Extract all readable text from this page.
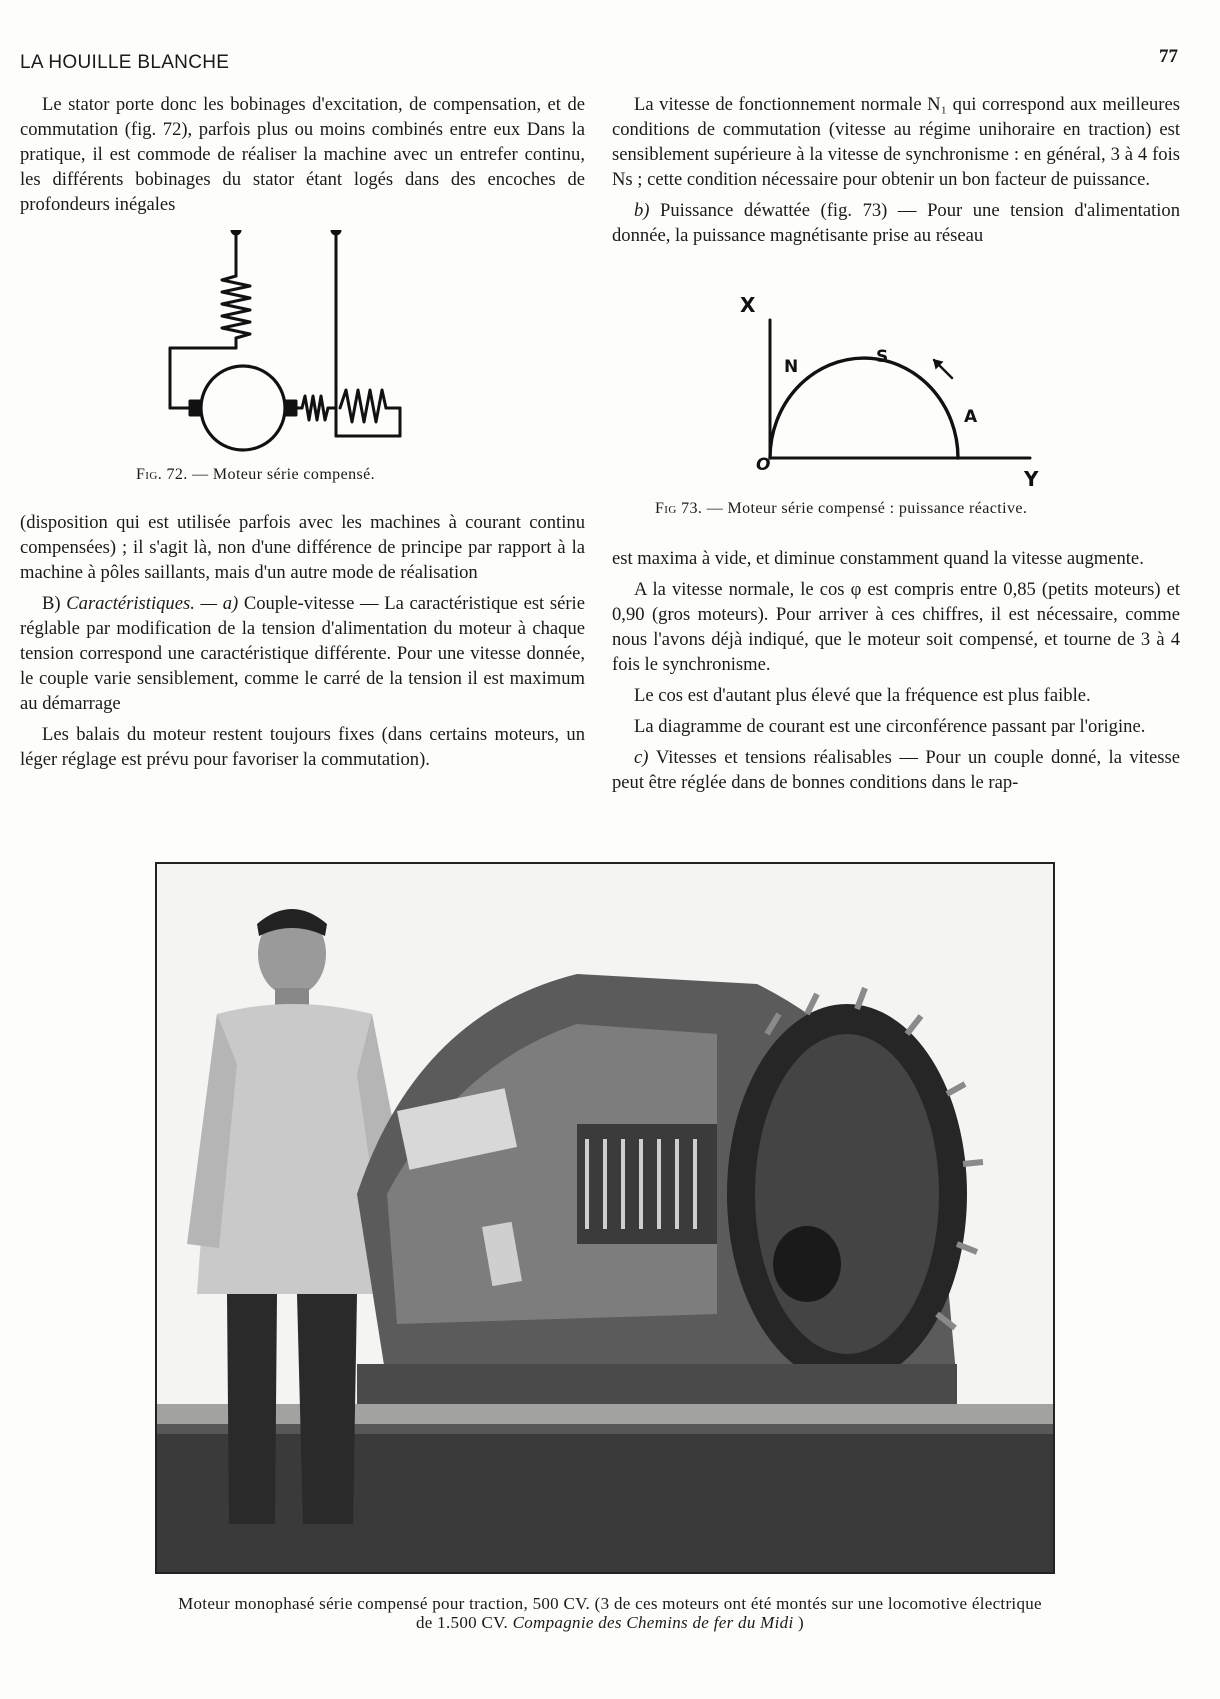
LA HOUILLE BLANCHE	77

Le stator porte donc les bobinages d'excitation, de compensation, et de commutation (fig. 72), parfois plus ou moins combinés entre eux Dans la pratique, il est commode de réaliser la machine avec un entrefer continu, les différents bobinages du stator étant logés dans des encoches de profondeurs inégales

Fig. 72. — Moteur série compensé.

(disposition qui est utilisée parfois avec les machines à courant continu compensées) ; il s'agit là, non d'une différence de principe par rapport à la machine à pôles saillants, mais d'un autre mode de réalisation

B) Caractéristiques. — a) Couple-vitesse — La caractéristique est série réglable par modification de la tension d'alimentation du moteur à chaque tension correspond une caractéristique différente. Pour une vitesse donnée, le couple varie sensiblement, comme le carré de la tension il est maximum au démarrage

Les balais du moteur restent toujours fixes (dans certains moteurs, un léger réglage est prévu pour favoriser la commutation).

La vitesse de fonctionnement normale N₁ qui correspond aux meilleures conditions de commutation (vitesse au régime unihoraire en traction) est sensiblement supérieure à la vitesse de synchronisme : en général, 3 à 4 fois Ns ; cette condition nécessaire pour obtenir un bon facteur de puissance.

b) Puissance déwattée (fig. 73) — Pour une tension d'alimentation donnée, la puissance magnétisante prise au réseau

X
Y
O
N	S
A
Fig 73. — Moteur série compensé : puissance réactive.

est maxima à vide, et diminue constamment quand la vitesse augmente.

A la vitesse normale, le cos φ est compris entre 0,85 (petits moteurs) et 0,90 (gros moteurs). Pour arriver à ces chiffres, il est nécessaire, comme nous l'avons déjà indiqué, que le moteur soit compensé, et tourne de 3 à 4 fois le synchronisme.

Le cos est d'autant plus élevé que la fréquence est plus faible.

La diagramme de courant est une circonférence passant par l'origine.

c) Vitesses et tensions réalisables — Pour un couple donné, la vitesse peut être réglée dans de bonnes conditions dans le rap-

Moteur monophasé série compensé pour traction, 500 CV. (3 de ces moteurs ont été montés sur une locomotive électrique
de 1.500 CV. Compagnie des Chemins de fer du Midi )
